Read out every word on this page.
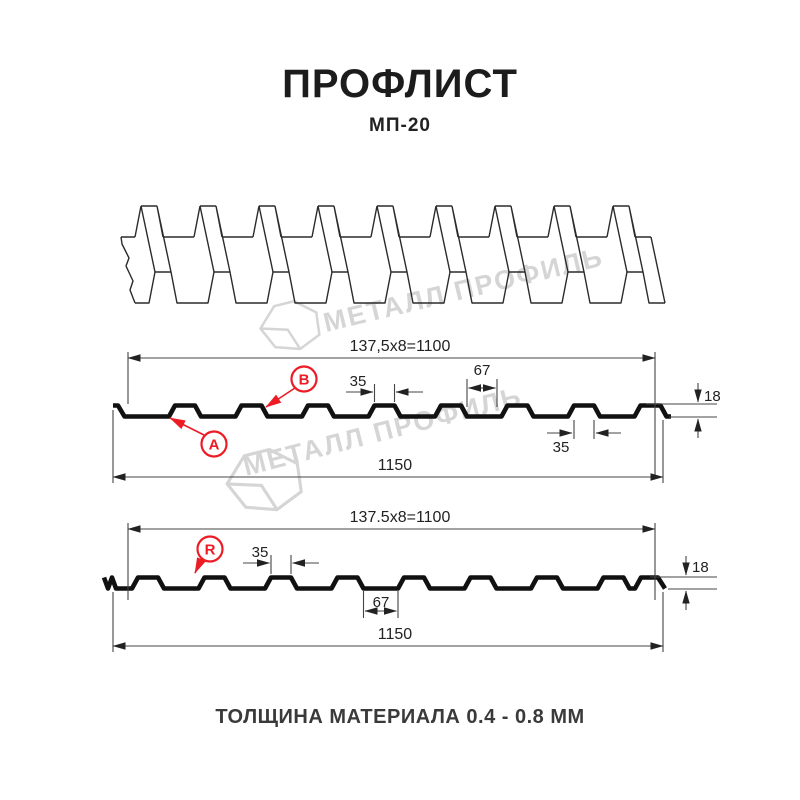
ПРОФЛИСТ
МП-20
МЕТАЛЛ ПРОФИЛЬ
МЕТАЛЛ ПРОФИЛЬ
137,5x8=1100
35
67
18
35
1150
A
B
137.5x8=1100
35
67
18
1150
R
ТОЛЩИНА МАТЕРИАЛА 0.4 - 0.8 ММ
